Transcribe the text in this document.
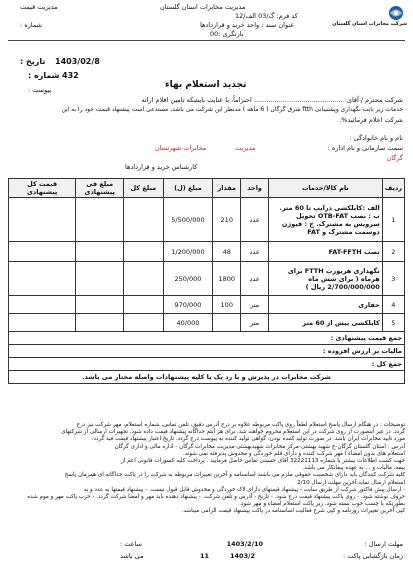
شرکت مخابرات استان گلستان
مدیریت قیمت	مدیریت مخابرات استان گلستان
کد فرم: گ/03 الف/12
عنوان سند : واحد خرید و قراردادها
شماره :
بازنگری :00
تاریخ : 1403/02/8
شماره : 432
پیوست :	تجدید استعلام بهاء
شرکت محترم / آقای ............................................ احتراماً، با عنایت بایشکه تامین اقلام ارائه
خدمات زیر بابت نگهداری وپشتیبانی ftth شرق گرگان ( 6 ماهه ) مدنظر این شرکت می باشد، مستدعی است پیشنهاد قیمت خود را به این
شرکت اعلام فرمائید%.
نام و نام خانوادگی :
سمت سازمانی و نام اداره :
مدیریت
مخابرات شهرستان
گرگان
کارشناس خرید و قراردادها
ردیف	نام کالا/خدمات	واحد	مقدار	مبلغ (ل)	مبلغ کل	مبلغ فی پیشنهادی	قیمت کل پیشنهادی
1	الف :کابلکشی درایپ تا 60 متر. ب : نصب OTB-FAT تحویل سرویس به مشترک. ج : فیوژن دوسمت مشترک و FAT	عدد	210	5/500/000			
2	نصب FAT-FFTH	عدد	48	1/200/000			
3	نگهداری هریورت FTTH برای هرماه ( برای شش ماه 2/700/000/000 ریال )	عدد	1800	250/000			
4	حفاری	متر	100	970/000			
5	کابلکشی بیش از 60 متر	متر		40/000			
جمع قیمت پیشنهادی :							
مالیات بر ارزش افزوده :							
جمع کل :							
شرکت مخابرات در پذیرش و یا رد یک یا کلیه پیشنهادات واصله مختار می باشد.							

توضیحات : در هنگام ارسال پاسخ استعلام لطفاً روی پاکت مربوطه علاوه بر درج آدرس دقیق، تلفن تماس، شماره استعلام، مهر شرکت نیز درج

گردد. در غیر اینصورت از روی شرکت در این استعلام محروم خواهند شد. برای هر آیتم جداگانه پیشنهاد قیمت داده شود. تجهیزات ارسالی از شرکتهای

مورد تایید مخابرات ایران باشد. در صورت تولید کننده بودن، گواهی تولید کننده به پیوست درج گردد. تاریخ اعتبار پیشنهاد قیمت قید گردد.

آدرس : استان گلستان گرگان-خ شهید بهشتی-مرکز مخابرات شهیدبهشتی-مدیریت مخابرات گرگان - اداره مالی و اداری گرگان

استعلام های بدون امضاء ا مهر شرکت کننده و دارای قلم خوردگی و مخدوش پذیرفته نمی شوند.

جهت کسب اطلاعات بیشتر با شماره 32221113 آقای حسینی تماس حاصل فرمایید . پرداخت کلیه کسورات قانونی اعم از

بیمه، مالیات و ... به عهده پیمانکار می باشد.

کلیه شرکت کنندگان باید دارای شخصیت حقوقی ملزم می باشند اساسنامه و آخرین تغییرات مربوطه به شرکت را در پاکت جداگانه ای همزمان پاسخ

استعلام ارسال نماید.آخرین مهلت ارسال 2/10

- ارسال پیش فاکتور شرکت از طریق سایت - پیشنهاد قیمتهای دارای لاک خوردگی و مخدوش قابل قبول نیست. - پیشنهاد قیمتها به عدد و به

حروف نوشته شود. - روی پاکت پیشنهاد قیمت درج شود. - تاریخ - آدرس و تلفن شرکت. - پیشنهاد دهنده باید مهر و امضا شرکت گردد. - حرب پاکت مهر و موم شده

بطوریکه با چسب خوب بسته شود. زیر پاکت استعلام امضاء و مهر شود.

کپی آخرین تغییرات روزنامه و کپی شرح فعالیت اساسنامه در پاکت پیشنهاد قیمت الزامی میباشد.

مهلت ارسال :
1403/2/10
ساعت :
زمان بازگشایی پاکت :
1403/2
11
می باشد
